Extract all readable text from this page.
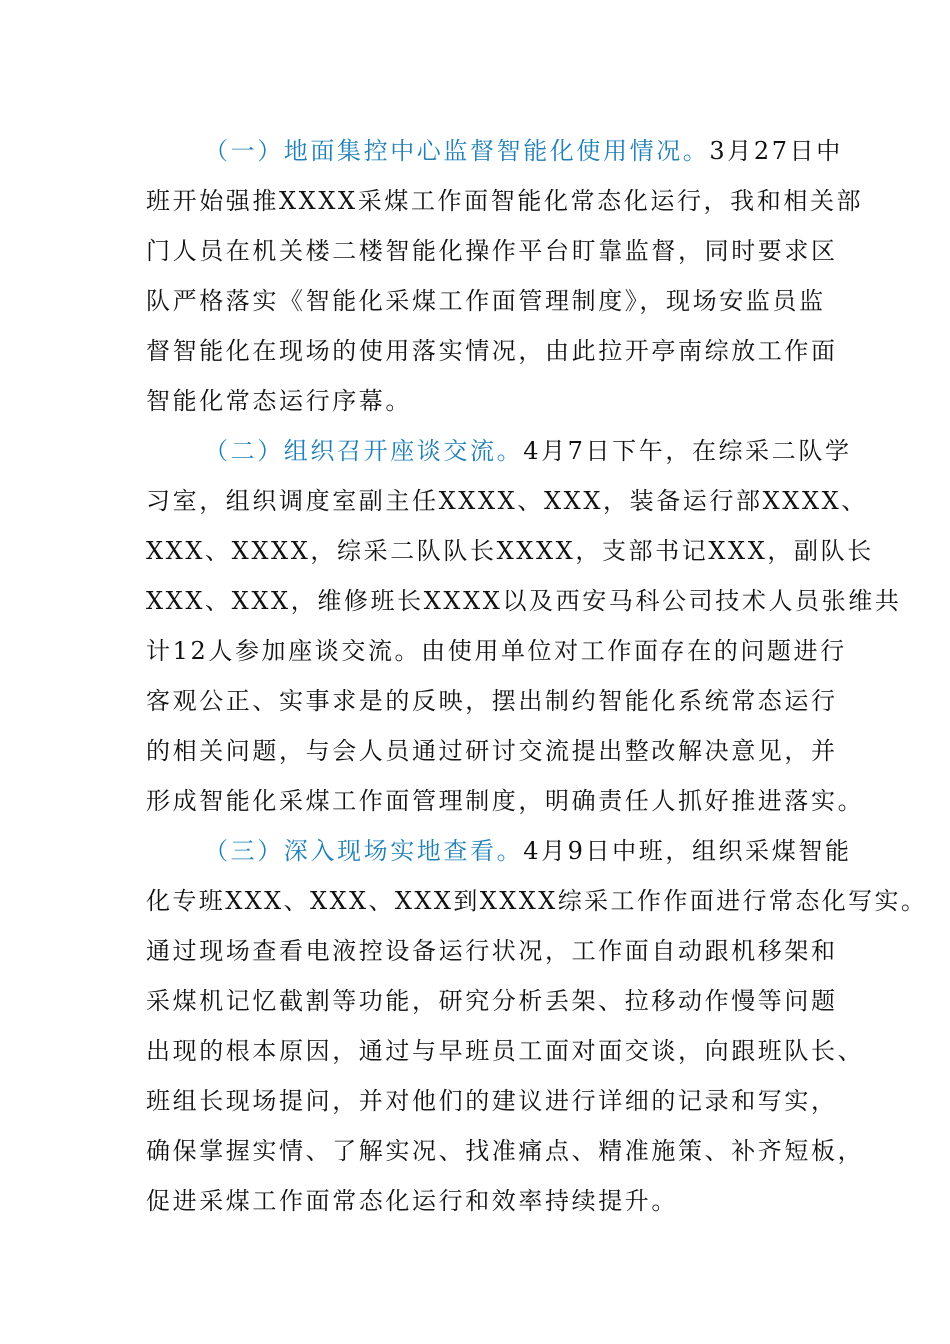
（一）地面集控中心监督智能化使用情况。3月27日中
班开始强推XXXX采煤工作面智能化常态化运行，我和相关部
门人员在机关楼二楼智能化操作平台盯靠监督，同时要求区
队严格落实《智能化采煤工作面管理制度》，现场安监员监
督智能化在现场的使用落实情况，由此拉开亭南综放工作面
智能化常态运行序幕。
（二）组织召开座谈交流。4月7日下午，在综采二队学
习室，组织调度室副主任XXXX、XXX，装备运行部XXXX、
XXX、XXXX，综采二队队长XXXX，支部书记XXX，副队长
XXX、XXX，维修班长XXXX以及西安马科公司技术人员张维共
计12人参加座谈交流。由使用单位对工作面存在的问题进行
客观公正、实事求是的反映，摆出制约智能化系统常态运行
的相关问题，与会人员通过研讨交流提出整改解决意见，并
形成智能化采煤工作面管理制度，明确责任人抓好推进落实。
（三）深入现场实地查看。4月9日中班，组织采煤智能
化专班XXX、XXX、XXX到XXXX综采工作作面进行常态化写实。
通过现场查看电液控设备运行状况，工作面自动跟机移架和
采煤机记忆截割等功能，研究分析丢架、拉移动作慢等问题
出现的根本原因，通过与早班员工面对面交谈，向跟班队长、
班组长现场提问，并对他们的建议进行详细的记录和写实，
确保掌握实情、了解实况、找准痛点、精准施策、补齐短板，
促进采煤工作面常态化运行和效率持续提升。
